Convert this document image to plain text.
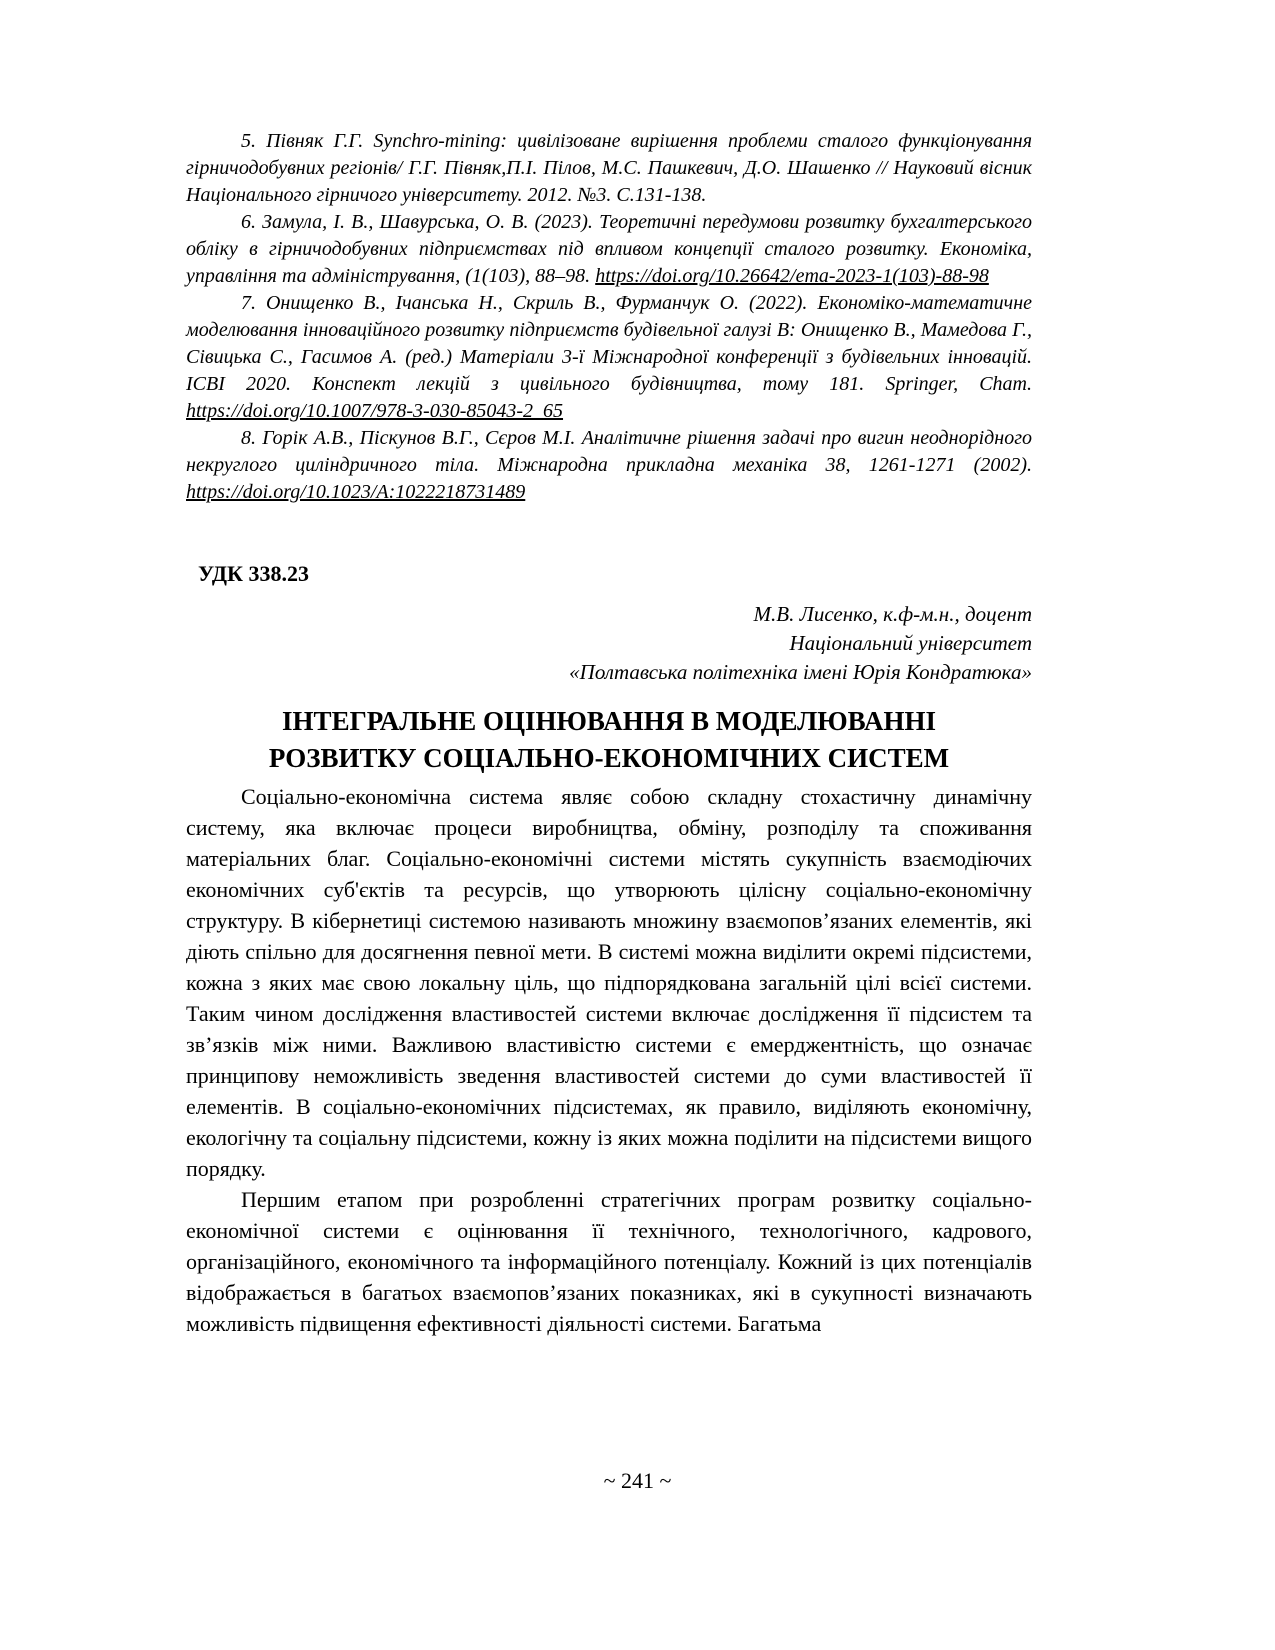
5. Півняк Г.Г. Synchro-mining: цивілізоване вирішення проблеми сталого функціонування гірничодобувних регіонів/ Г.Г. Півняк,П.І. Пілов, М.С. Пашкевич, Д.О. Шашенко // Науковий вісник Національного гірничого університету. 2012. №3. С.131-138.

6. Замула, І. В., Шавурська, О. В. (2023). Теоретичні передумови розвитку бухгалтерського обліку в гірничодобувних підприємствах під впливом концепції сталого розвитку. Економіка, управління та адміністрування, (1(103), 88–98. https://doi.org/10.26642/ema-2023-1(103)-88-98

7. Онищенко В., Ічанська Н., Скриль В., Фурманчук О. (2022). Економіко-математичне моделювання інноваційного розвитку підприємств будівельної галузі В: Онищенко В., Мамедова Г., Сівицька С., Гасимов А. (ред.) Матеріали 3-ї Міжнародної конференції з будівельних інновацій. ICBI 2020. Конспект лекцій з цивільного будівництва, тому 181. Springer, Cham. https://doi.org/10.1007/978-3-030-85043-2_65

8. Горік А.В., Піскунов В.Г., Сєров М.І. Аналітичне рішення задачі про вигин неоднорідного некруглого циліндричного тіла. Міжнародна прикладна механіка 38, 1261-1271 (2002). https://doi.org/10.1023/A:1022218731489

УДК 338.23

М.В. Лисенко, к.ф-м.н., доцент

Національний університет

«Полтавська політехніка імені Юрія Кондратюка»

ІНТЕГРАЛЬНЕ ОЦІНЮВАННЯ В МОДЕЛЮВАННІ
РОЗВИТКУ СОЦІАЛЬНО-ЕКОНОМІЧНИХ СИСТЕМ

Соціально-економічна система являє собою складну стохастичну динамічну систему, яка включає процеси виробництва, обміну, розподілу та споживання матеріальних благ. Соціально-економічні системи містять сукупність взаємодіючих економічних суб'єктів та ресурсів, що утворюють цілісну соціально-економічну структуру. В кібернетиці системою називають множину взаємопов’язаних елементів, які діють спільно для досягнення певної мети. В системі можна виділити окремі підсистеми, кожна з яких має свою локальну ціль, що підпорядкована загальній цілі всієї системи. Таким чином дослідження властивостей системи включає дослідження її підсистем та зв’язків між ними. Важливою властивістю системи є емерджентність, що означає принципову неможливість зведення властивостей системи до суми властивостей її елементів. В соціально-економічних підсистемах, як правило, виділяють економічну, екологічну та соціальну підсистеми, кожну із яких можна поділити на підсистеми вищого порядку.

Першим етапом при розробленні стратегічних програм розвитку соціально-економічної системи є оцінювання її технічного, технологічного, кадрового, організаційного, економічного та інформаційного потенціалу. Кожний із цих потенціалів відображається в багатьох взаємопов’язаних показниках, які в сукупності визначають можливість підвищення ефективності діяльності системи. Багатьма

~ 241 ~
